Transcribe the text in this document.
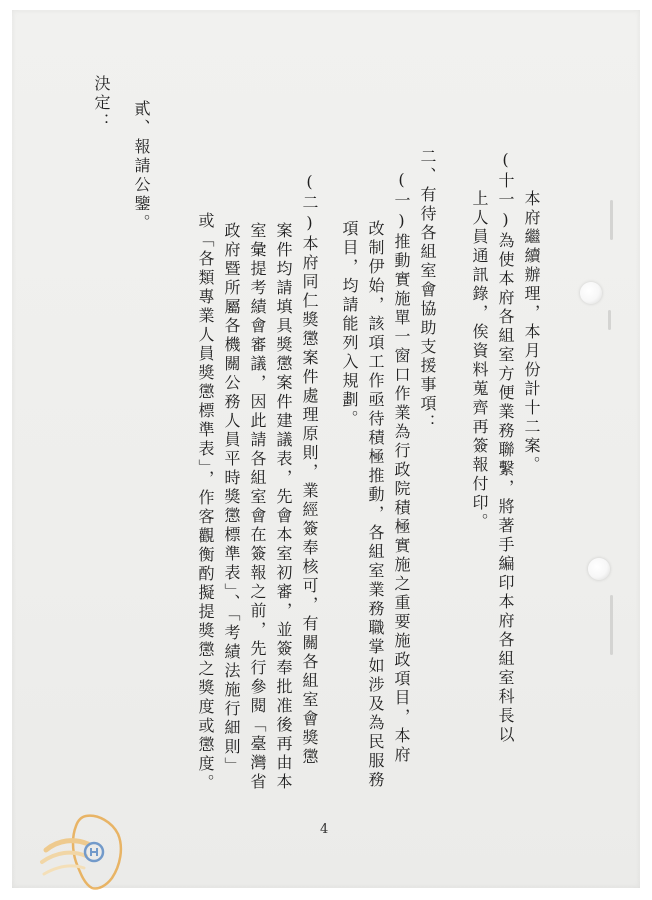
本府繼續辦理，本月份計十二案。
(十一)為使本府各組室方便業務聯繫，將著手編印本府各組室科長以
上人員通訊錄，俟資料蒐齊再簽報付印。
二、有待各組室會協助支援事項：
(一)推動實施單一窗口作業為行政院積極實施之重要施政項目，本府
改制伊始，該項工作亟待積極推動，各組室業務職掌如涉及為民服務
項目，均請能列入規劃。
(二)本府同仁獎懲案件處理原則，業經簽奉核可，有關各組室會獎懲
案件均請填具獎懲案件建議表，先會本室初審，並簽奉批准後再由本
室彙提考績會審議，因此請各組室會在簽報之前，先行參閱「臺灣省
政府暨所屬各機關公務人員平時獎懲標準表」、「考績法施行細則」
或「各類專業人員獎懲標準表」，作客觀衡酌擬提獎懲之獎度或懲度。
貳、報請公鑒。
決定：
4
